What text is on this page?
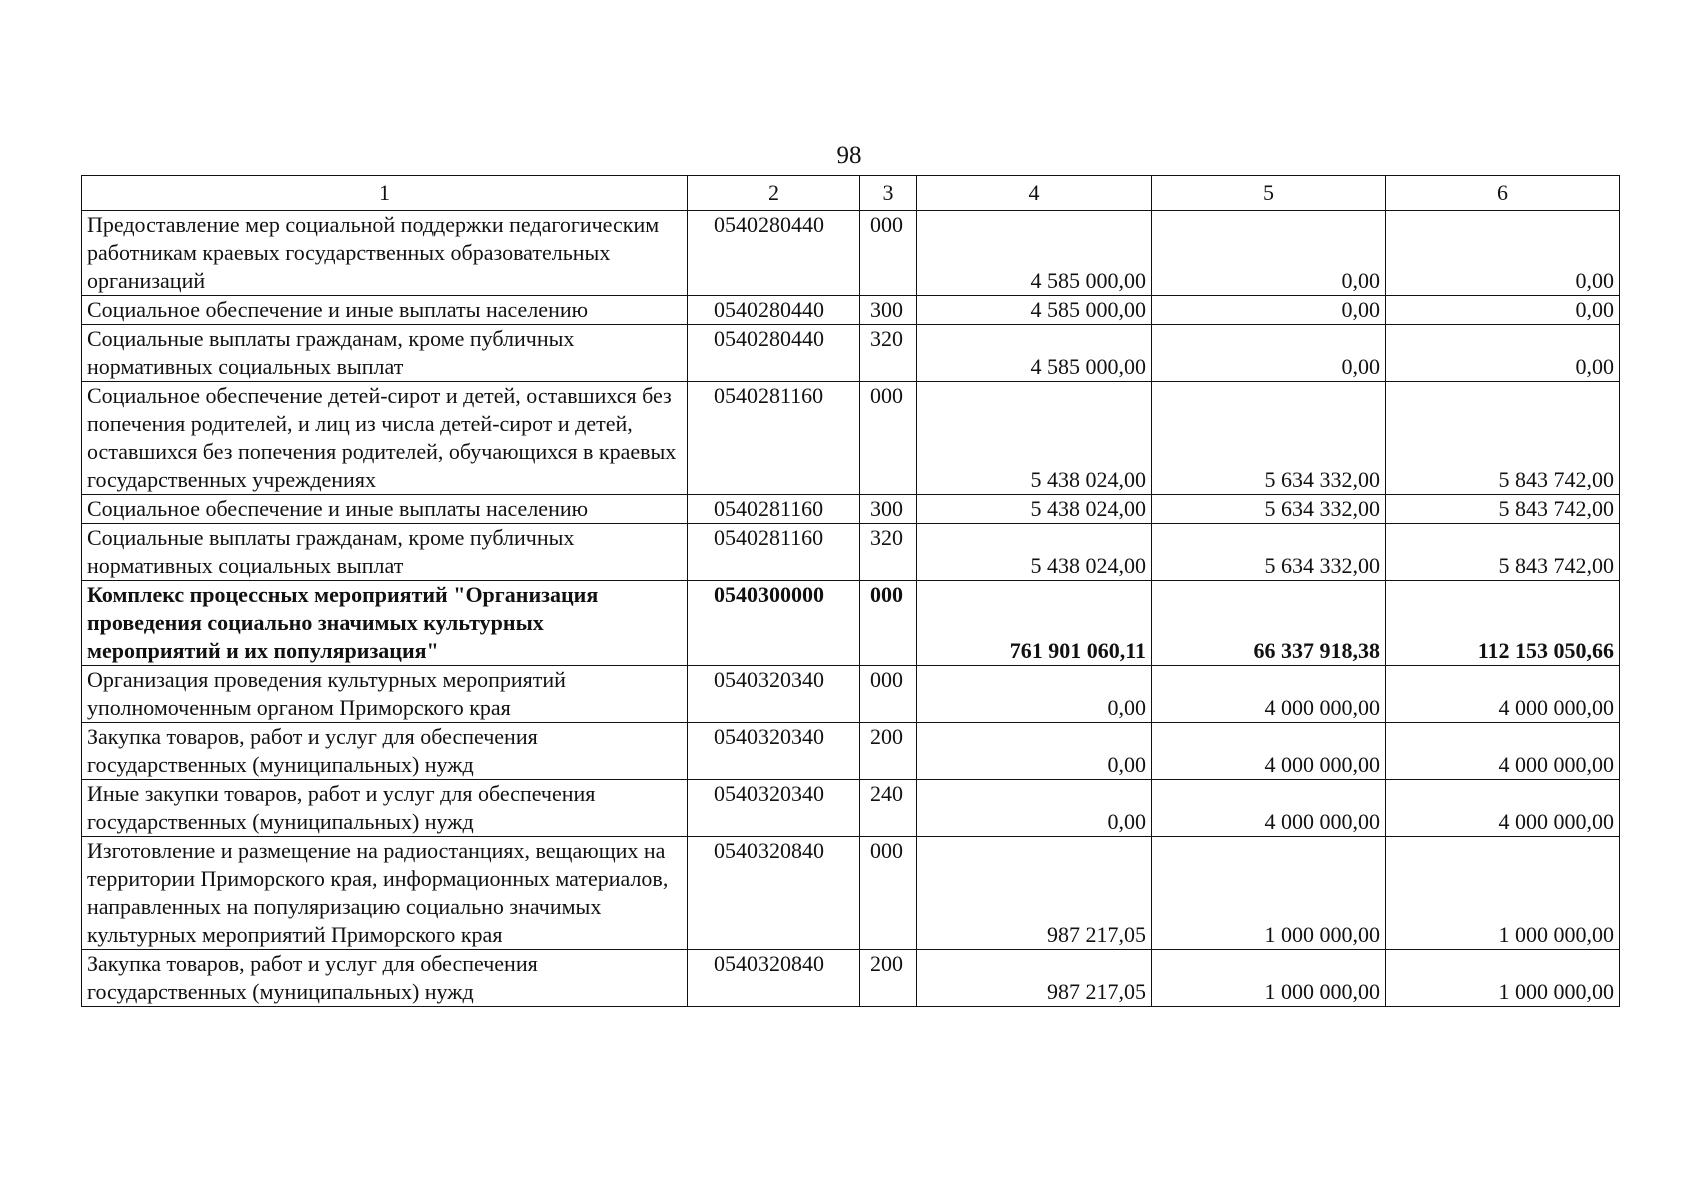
98
1	2	3	4	5	6
Предоставление мер социальной поддержки педагогическим работникам краевых государственных образовательных организаций	0540280440	000	4 585 000,00	0,00	0,00
Социальное обеспечение и иные выплаты населению	0540280440	300	4 585 000,00	0,00	0,00
Социальные выплаты гражданам, кроме публичных нормативных социальных выплат	0540280440	320	4 585 000,00	0,00	0,00
Социальное обеспечение детей-сирот и детей, оставшихся без попечения родителей, и лиц из числа детей-сирот и детей, оставшихся без попечения родителей, обучающихся в краевых государственных учреждениях	0540281160	000	5 438 024,00	5 634 332,00	5 843 742,00
Социальное обеспечение и иные выплаты населению	0540281160	300	5 438 024,00	5 634 332,00	5 843 742,00
Социальные выплаты гражданам, кроме публичных нормативных социальных выплат	0540281160	320	5 438 024,00	5 634 332,00	5 843 742,00
Комплекс процессных мероприятий "Организация проведения социально значимых культурных мероприятий и их популяризация"	0540300000	000	761 901 060,11	66 337 918,38	112 153 050,66
Организация проведения культурных мероприятий уполномоченным органом Приморского края	0540320340	000	0,00	4 000 000,00	4 000 000,00
Закупка товаров, работ и услуг для обеспечения государственных (муниципальных) нужд	0540320340	200	0,00	4 000 000,00	4 000 000,00
Иные закупки товаров, работ и услуг для обеспечения государственных (муниципальных) нужд	0540320340	240	0,00	4 000 000,00	4 000 000,00
Изготовление и размещение на радиостанциях, вещающих на территории Приморского края, информационных материалов, направленных на популяризацию социально значимых культурных мероприятий Приморского края	0540320840	000	987 217,05	1 000 000,00	1 000 000,00
Закупка товаров, работ и услуг для обеспечения государственных (муниципальных) нужд	0540320840	200	987 217,05	1 000 000,00	1 000 000,00
